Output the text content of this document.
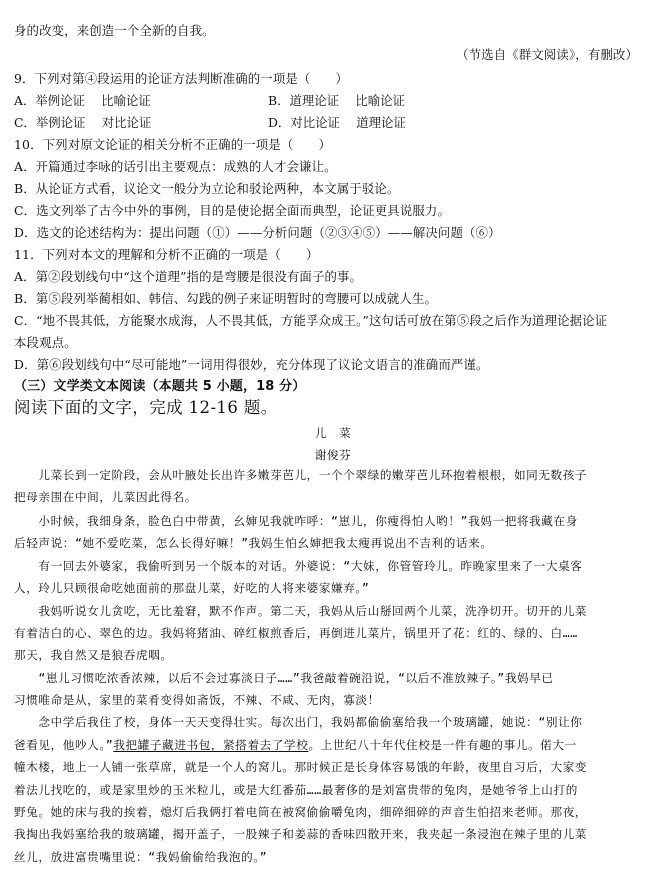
身的改变，来创造一个全新的自我。
（节选自《群文阅读》，有删改）
9．下列对第④段运用的论证方法判断准确的一项是（　　）
A．举例论证　 比喻论证	B．道理论证　 比喻论证
C．举例论证　 对比论证	D．对比论证　 道理论证
10．下列对原文论证的相关分析不正确的一项是（　　）
A．开篇通过李咏的话引出主要观点：成熟的人才会谦让。
B．从论证方式看，议论文一般分为立论和驳论两种，本文属于驳论。
C．选文列举了古今中外的事例，目的是使论据全面而典型，论证更具说服力。
D．选文的论述结构为：提出问题（①）——分析问题（②③④⑤）——解决问题（⑥）
11．下列对本文的理解和分析不正确的一项是（　　）
A．第②段划线句中“这个道理”指的是弯腰是很没有面子的事。
B．第⑤段列举蔺相如、韩信、勾践的例子来证明暂时的弯腰可以成就人生。
C．“地不畏其低，方能聚水成海，人不畏其低，方能孚众成王。”这句话可放在第⑤段之后作为道理论据论证
本段观点。
D．第⑥段划线句中“尽可能地”一词用得很妙，充分体现了议论文语言的准确而严谨。
（三）文学类文本阅读（本题共 5 小题，18 分）
阅读下面的文字，完成 12-16 题。
儿　菜
谢俊芬
　　儿菜长到一定阶段，会从叶腋处长出许多嫩芽芭儿，一个个翠绿的嫩芽芭儿环抱着根根，如同无数孩子
把母亲围在中间，儿菜因此得名。
　　小时候，我细身条，脸色白中带黄，幺婶见我就咋呼：“崽儿，你瘦得怕人哟！”我妈一把将我藏在身
后轻声说：“她不爱吃菜，怎么长得好嘛！”我妈生怕幺婶把我太瘦再说出不吉利的话来。
　　有一回去外婆家，我偷听到另一个版本的对话。外婆说：“大妹，你管管玲儿。昨晚家里来了一大桌客
人，玲儿只顾很命吃她面前的那盘儿菜，好吃的人将来婆家嫌弃。”
　　我妈听说女儿贪吃，无比羞窘，默不作声。第二天，我妈从后山掰回两个儿菜，洗净切开。切开的儿菜
有着洁白的心、翠色的边。我妈将猪油、碎红椒煎香后，再倒进儿菜片，锅里开了花：红的、绿的、白……
那天，我自然又是狼吞虎咽。
　　“崽儿习惯吃浓香浓辣，以后不会过寡淡日子……”我爸敲着碗沿说，“以后不准放辣子。”我妈早已
习惯唯命是从，家里的菜肴变得如斋饭，不辣、不咸、无肉，寡淡！
　　念中学后我住了校，身体一天天变得壮实。每次出门，我妈都偷偷塞给我一个玻璃罐，她说：“别让你
爸看见，他吵人。”我把罐子藏进书包，紧搭着去了学校。上世纪八十年代住校是一件有趣的事儿。偌大一
幢木楼，地上一人铺一张草席，就是一个人的窝儿。那时候正是长身体容易饿的年龄，夜里自习后，大家变
着法儿找吃的，或是家里炒的玉米粒儿，或是大红番茄……最奢侈的是刘富贵带的兔肉，是她爷爷上山打的
野兔。她的床与我的挨着，熄灯后我俩打着电筒在被窝偷偷嚼兔肉，细碎细碎的声音生怕招来老师。那夜，
我掏出我妈塞给我的玻璃罐，揭开盖子，一股辣子和姜蒜的香味四散开来，我夹起一条浸泡在辣子里的儿菜
丝儿，放进富贵嘴里说：“我妈偷偷给我泡的。”
